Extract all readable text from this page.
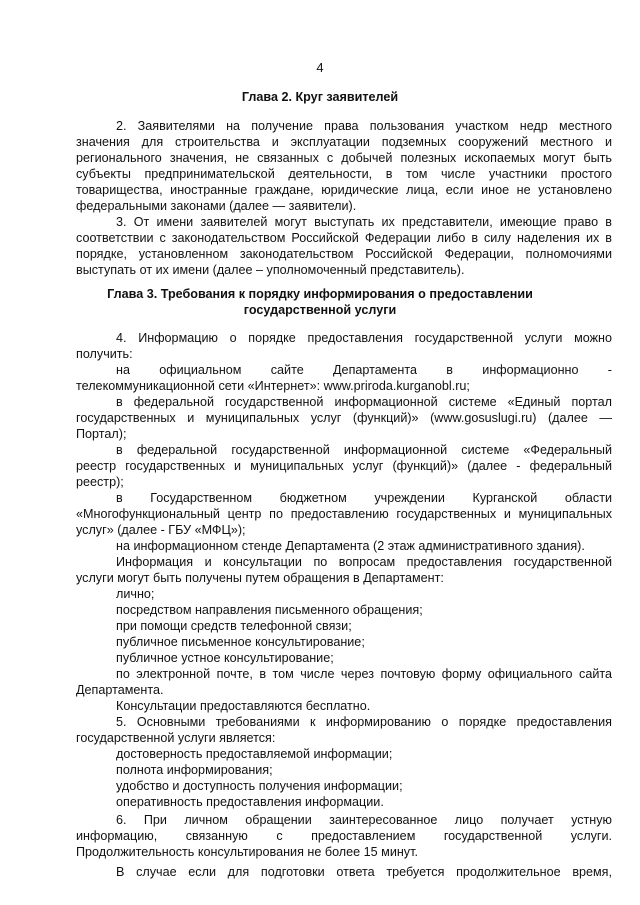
4
Глава 2. Круг заявителей
2. Заявителями на получение права пользования участком недр местного
значения для строительства и эксплуатации подземных сооружений местного и
регионального значения, не связанных с добычей полезных ископаемых могут быть
субъекты предпринимательской деятельности, в том числе участники простого
товарищества, иностранные граждане, юридические лица, если иное не установлено
федеральными законами (далее — заявители).
3. От имени заявителей могут выступать их представители, имеющие право в
соответствии с законодательством Российской Федерации либо в силу наделения их в
порядке, установленном законодательством Российской Федерации, полномочиями
выступать от их имени (далее – уполномоченный представитель).
Глава 3. Требования к порядку информирования о предоставлении
государственной услуги
4. Информацию о порядке предоставления государственной услуги можно
получить:
на официальном сайте Департамента в информационно -
телекоммуникационной сети «Интернет»: www.priroda.kurganobl.ru;
в федеральной государственной информационной системе «Единый портал
государственных и муниципальных услуг (функций)» (www.gosuslugi.ru) (далее —
Портал);
в федеральной государственной информационной системе «Федеральный
реестр государственных и муниципальных услуг (функций)» (далее - федеральный
реестр);
в Государственном бюджетном учреждении Курганской области
«Многофункциональный центр по предоставлению государственных и муниципальных
услуг» (далее - ГБУ «МФЦ»);
на информационном стенде Департамента (2 этаж административного здания).
Информация и консультации по вопросам предоставления государственной
услуги могут быть получены путем обращения в Департамент:
лично;
посредством направления письменного обращения;
при помощи средств телефонной связи;
публичное письменное консультирование;
публичное устное консультирование;
по электронной почте, в том числе через почтовую форму официального сайта
Департамента.
Консультации предоставляются бесплатно.
5. Основными требованиями к информированию о порядке предоставления
государственной услуги является:
достоверность предоставляемой информации;
полнота информирования;
удобство и доступность получения информации;
оперативность предоставления информации.
6. При личном обращении заинтересованное лицо получает устную
информацию, связанную с предоставлением государственной услуги.
Продолжительность консультирования не более 15 минут.
В случае если для подготовки ответа требуется продолжительное время,
